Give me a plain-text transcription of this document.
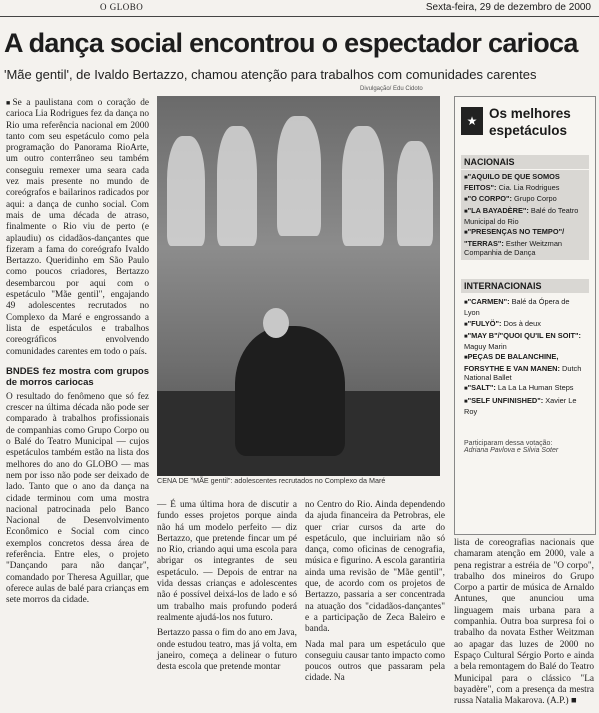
O GLOBO	Sexta-feira, 29 de dezembro de 2000
A dança social encontrou o espectador carioca
'Mãe gentil', de Ivaldo Bertazzo, chamou atenção para trabalhos com comunidades carentes
Divulgação/ Edu Cidoto

■ Se a paulistana com o coração de carioca Lia Rodrigues fez da dança no Rio uma referência nacional em 2000 tanto com seu espetáculo como pela programação do Panorama RioArte, um outro conterrâneo seu também conseguiu remexer uma seara cada vez mais presente no mundo de coreógrafos e bailarinos radicados por aqui: a dança de cunho social. Com mais de uma década de atraso, finalmente o Rio viu de perto (e aplaudiu) os cidadãos-dançantes que fizeram a fama do coreógrafo Ivaldo Bertazzo. Queridinho em São Paulo como poucos criadores, Bertazzo desembarcou por aqui com o espetáculo "Mãe gentil", engajando 49 adolescentes recrutados no Complexo da Maré e engrossando a lista de espetáculos e trabalhos coreográficos envolvendo comunidades carentes em todo o país.

BNDES fez mostra com grupos de morros cariocas

O resultado do fenômeno que só fez crescer na última década não pode ser comparado à trabalhos profissionais de companhias como Grupo Corpo ou o Balé do Teatro Municipal — cujos espetáculos também estão na lista dos melhores do ano do GLOBO — mas nem por isso não pode ser deixado de lado. Tanto que o ano da dança na cidade terminou com uma mostra nacional patrocinada pelo Banco Nacional de Desenvolvimento Econômico e Social com cinco exemplos concretos dessa área de referência. Entre eles, o projeto "Dançando para não dançar", comandado por Theresa Aguillar, que oferece aulas de balé para crianças em sete morros da cidade.

CENA DE "MÃE gentil": adolescentes recrutados no Complexo da Maré
★ Os melhores espetáculos
NACIONAIS
■ "AQUILO DE QUE SOMOS FEITOS": Cia. Lia Rodrigues
■ "O CORPO": Grupo Corpo
■ "LA BAYADÈRE": Balé do Teatro Municipal do Rio
■ "PRESENÇAS NO TEMPO"/ "TERRAS": Esther Weitzman Companhia de Dança
INTERNACIONAIS
■ "CARMEN": Balé da Ópera de Lyon
■ "FULYÖ": Dos à deux
■ "MAY B"/"QUOI QU'IL EN SOIT": Maguy Marin
■ PEÇAS DE BALANCHINE, FORSYTHE E VAN MANEN: Dutch National Ballet
■ "SALT": La La La Human Steps
■ "SELF UNFINISHED": Xavier Le Roy
Participaram dessa votação:
Adriana Pavlova e Silvia Soter

— É uma última hora de discutir a fundo esses projetos porque ainda não há um modelo perfeito — diz Bertazzo, que pretende fincar um pé no Rio, criando aqui uma escola para abrigar os integrantes de seu espetáculo. — Depois de entrar na vida dessas crianças e adolescentes não é possível deixá-los de lado e só um trabalho mais profundo poderá realmente ajudá-los nos futuro.

Bertazzo passa o fim do ano em Java, onde estudou teatro, mas já volta, em janeiro, começa a delinear o futuro desta escola que pretende montar

no Centro do Rio. Ainda dependendo da ajuda financeira da Petrobras, ele quer criar cursos da arte do espetáculo, que incluiriam não só dança, como oficinas de cenografia, música e figurino. A escola garantiria ainda uma revisão de "Mãe gentil", que, de acordo com os projetos de Bertazzo, passaria a ser concentrada na atuação dos "cidadãos-dançantes" e a participação de Zeca Baleiro e banda.

Nada mal para um espetáculo que conseguiu causar tanto impacto como poucos outros que passaram pela cidade. Na

lista de coreografias nacionais que chamaram atenção em 2000, vale a pena registrar a estréia de "O corpo", trabalho dos mineiros do Grupo Corpo a partir de música de Arnaldo Antunes, que anunciou uma linguagem mais urbana para a companhia. Outra boa surpresa foi o trabalho da novata Esther Weitzman ao apagar das luzes de 2000 no Espaço Cultural Sérgio Porto e ainda a bela remontagem do Balé do Teatro Municipal para o clássico "La bayadère", com a presença da mestra russa Natalia Makarova. (A.P.) ■
